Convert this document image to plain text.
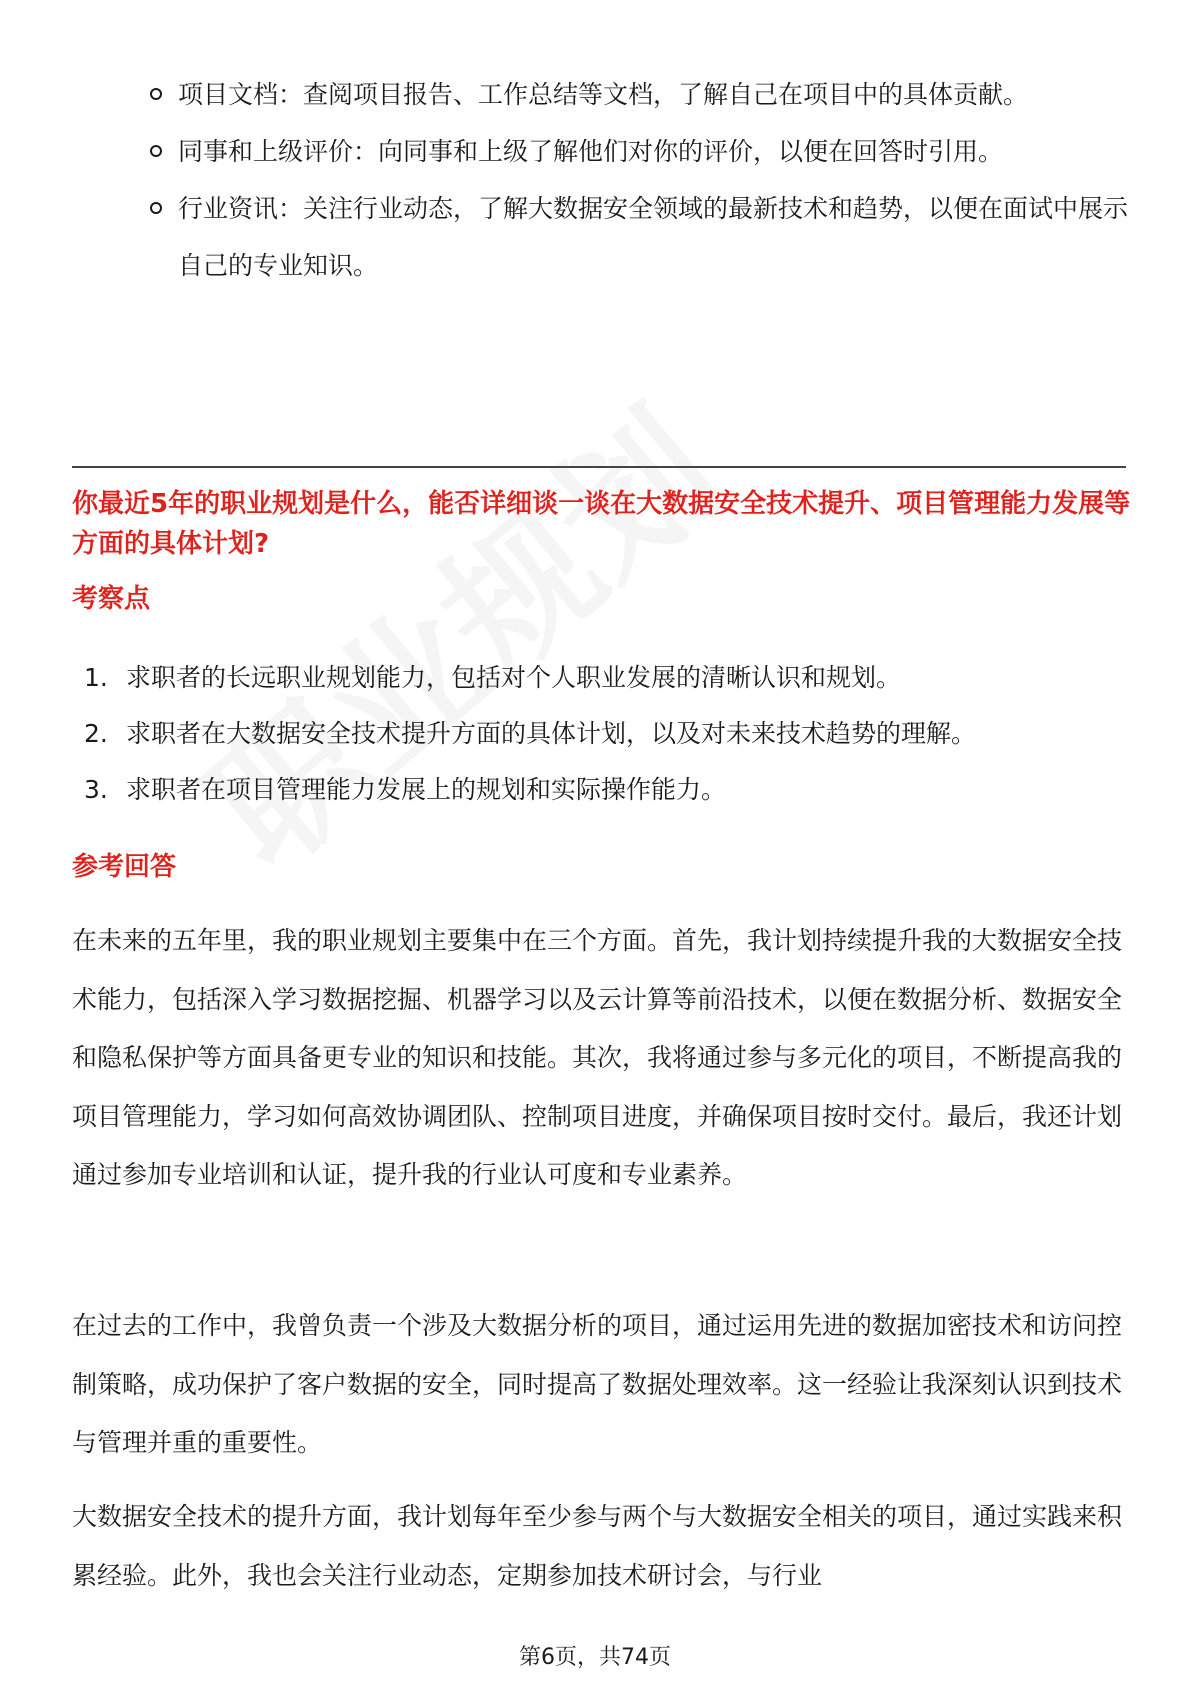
项目文档：查阅项目报告、工作总结等文档，了解自己在项目中的具体贡献。
同事和上级评价：向同事和上级了解他们对你的评价，以便在回答时引用。
行业资讯：关注行业动态，了解大数据安全领域的最新技术和趋势，以便在面试中展示自己的专业知识。
你最近5年的职业规划是什么，能否详细谈一谈在大数据安全技术提升、项目管理能力发展等方面的具体计划?
考察点
1. 求职者的长远职业规划能力，包括对个人职业发展的清晰认识和规划。
2. 求职者在大数据安全技术提升方面的具体计划，以及对未来技术趋势的理解。
3. 求职者在项目管理能力发展上的规划和实际操作能力。
参考回答

在未来的五年里，我的职业规划主要集中在三个方面。首先，我计划持续提升我的大数据安全技术能力，包括深入学习数据挖掘、机器学习以及云计算等前沿技术，以便在数据分析、数据安全和隐私保护等方面具备更专业的知识和技能。其次，我将通过参与多元化的项目，不断提高我的项目管理能力，学习如何高效协调团队、控制项目进度，并确保项目按时交付。最后，我还计划通过参加专业培训和认证，提升我的行业认可度和专业素养。

在过去的工作中，我曾负责一个涉及大数据分析的项目，通过运用先进的数据加密技术和访问控制策略，成功保护了客户数据的安全，同时提高了数据处理效率。这一经验让我深刻认识到技术与管理并重的重要性。

大数据安全技术的提升方面，我计划每年至少参与两个与大数据安全相关的项目，通过实践来积累经验。此外，我也会关注行业动态，定期参加技术研讨会，与行业

第6页，共74页
